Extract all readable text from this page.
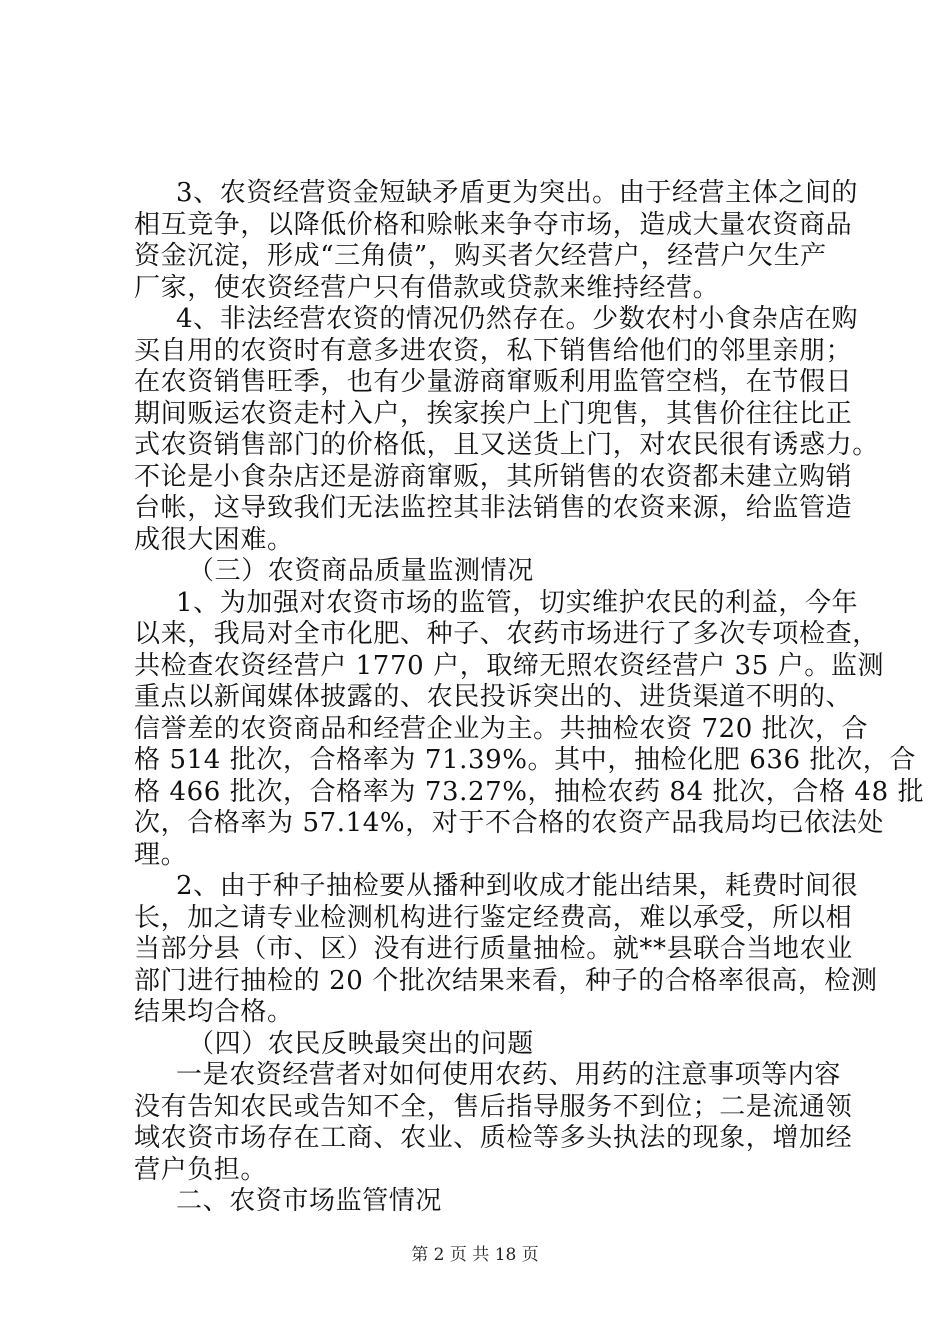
3、农资经营资金短缺矛盾更为突出。由于经营主体之间的
相互竞争，以降低价格和赊帐来争夺市场，造成大量农资商品
资金沉淀，形成“三角债”，购买者欠经营户，经营户欠生产
厂家，使农资经营户只有借款或贷款来维持经营。
4、非法经营农资的情况仍然存在。少数农村小食杂店在购
买自用的农资时有意多进农资，私下销售给他们的邻里亲朋；
在农资销售旺季，也有少量游商窜贩利用监管空档，在节假日
期间贩运农资走村入户，挨家挨户上门兜售，其售价往往比正
式农资销售部门的价格低，且又送货上门，对农民很有诱惑力。
不论是小食杂店还是游商窜贩，其所销售的农资都未建立购销
台帐，这导致我们无法监控其非法销售的农资来源，给监管造
成很大困难。
（三）农资商品质量监测情况
1、为加强对农资市场的监管，切实维护农民的利益，今年
以来，我局对全市化肥、种子、农药市场进行了多次专项检查，
共检查农资经营户 1770 户，取缔无照农资经营户 35 户。监测
重点以新闻媒体披露的、农民投诉突出的、进货渠道不明的、
信誉差的农资商品和经营企业为主。共抽检农资 720 批次，合
格 514 批次，合格率为 71.39%。其中，抽检化肥 636 批次，合
格 466 批次，合格率为 73.27%，抽检农药 84 批次，合格 48 批
次，合格率为 57.14%，对于不合格的农资产品我局均已依法处
理。
2、由于种子抽检要从播种到收成才能出结果，耗费时间很
长，加之请专业检测机构进行鉴定经费高，难以承受，所以相
当部分县（市、区）没有进行质量抽检。就**县联合当地农业
部门进行抽检的 20 个批次结果来看，种子的合格率很高，检测
结果均合格。
（四）农民反映最突出的问题
一是农资经营者对如何使用农药、用药的注意事项等内容
没有告知农民或告知不全，售后指导服务不到位；二是流通领
域农资市场存在工商、农业、质检等多头执法的现象，增加经
营户负担。
二、农资市场监管情况
第 2 页 共 18 页
